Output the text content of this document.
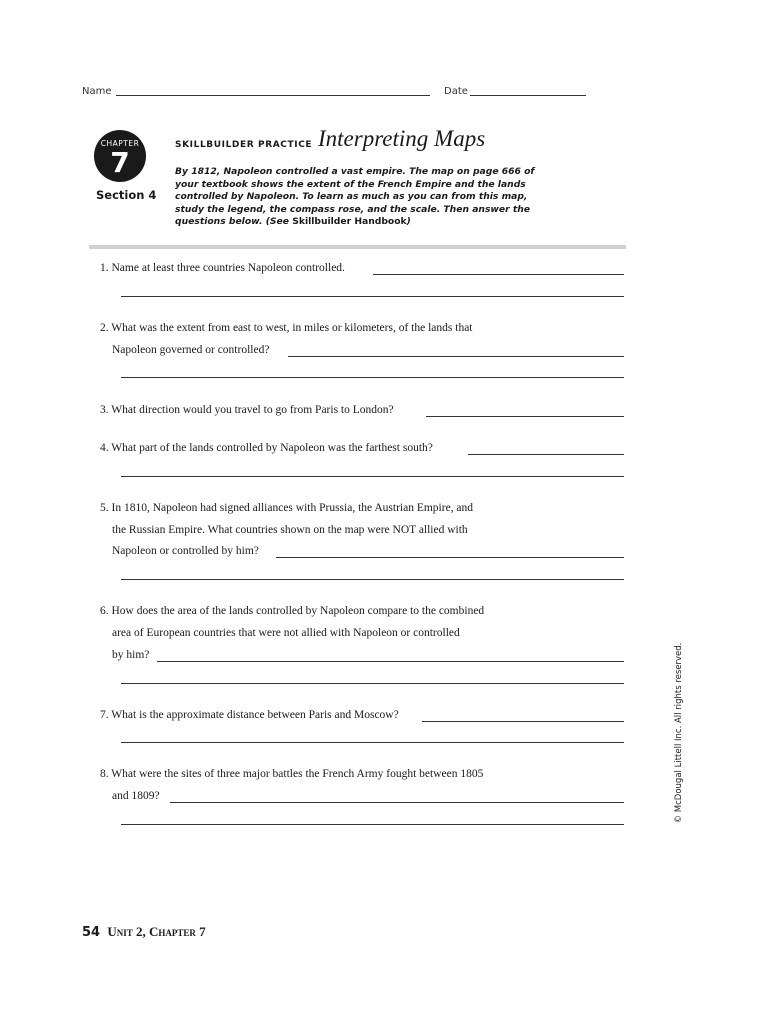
Name	Date
CHAPTER
7
Section 4
SKILLBUILDER PRACTICE Interpreting Maps
By 1812, Napoleon controlled a vast empire. The map on page 666 of your textbook shows the extent of the French Empire and the lands controlled by Napoleon. To learn as much as you can from this map, study the legend, the compass rose, and the scale. Then answer the questions below. (See Skillbuilder Handbook)
1. Name at least three countries Napoleon controlled.
2. What was the extent from east to west, in miles or kilometers, of the lands that
Napoleon governed or controlled?
3. What direction would you travel to go from Paris to London?
4. What part of the lands controlled by Napoleon was the farthest south?
5. In 1810, Napoleon had signed alliances with Prussia, the Austrian Empire, and
the Russian Empire. What countries shown on the map were NOT allied with
Napoleon or controlled by him?
6. How does the area of the lands controlled by Napoleon compare to the combined
area of European countries that were not allied with Napoleon or controlled
by him?
7. What is the approximate distance between Paris and Moscow?
8. What were the sites of three major battles the French Army fought between 1805
and 1809?	© McDougal Littell Inc. All rights reserved.
54 Unit 2, Chapter 7
